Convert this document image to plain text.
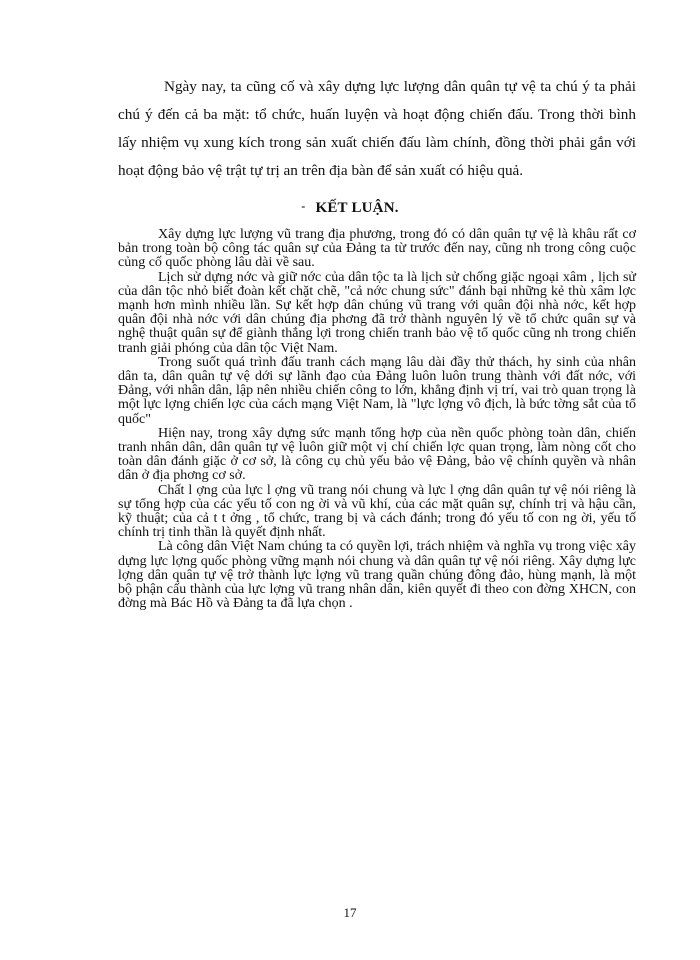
Ngày nay, ta cũng cố và xây dựng lực lượng dân quân tự vệ ta chú ý ta phải chú ý đến cả ba mặt: tổ chức, huấn luyện và hoạt động chiến đấu. Trong thời bình lấy nhiệm vụ xung kích trong sản xuất chiến đấu làm chính, đồng thời phải gắn với hoạt động bảo vệ trật tự trị an trên địa bàn để sản xuất có hiệu quả.

- KẾT LUẬN.

Xây dựng lực lượng vũ trang địa phương, trong đó có dân quân tự vệ là khâu rất cơ bản trong toàn bộ công tác quân sự của Đảng ta từ trước đến nay, cũng nh trong công cuộc củng cố quốc phòng lâu dài về sau.

Lịch sử dựng nớc và giữ nớc của dân tộc ta là lịch sử chống giặc ngoại xâm , lịch sử của dân tộc nhỏ biết đoàn kết chặt chẽ, "cả nớc chung sức" đánh bại những kẻ thù xâm lợc mạnh hơn mình nhiều lần. Sự kết hợp dân chúng vũ trang với quân đội nhà nớc, kết hợp quân đội nhà nớc với dân chúng địa phơng đã trở thành nguyên lý về tổ chức quân sự và nghệ thuật quân sự để giành thắng lợi trong chiến tranh bảo vệ tổ quốc cũng nh trong chiến tranh giải phóng của dân tộc Việt Nam.

Trong suốt quá trình đấu tranh cách mạng lâu dài đầy thử thách, hy sinh của nhân dân ta, dân quân tự vệ dới sự lãnh đạo của Đảng luôn luôn trung thành với đất nớc, với Đảng, với nhân dân, lập nên nhiều chiến công to lớn, khẳng định vị trí, vai trò quan trọng là một lực lợng chiến lợc của cách mạng Việt Nam, là "lực lợng vô địch, là bức tờng sắt của tổ quốc"

Hiện nay, trong xây dựng sức mạnh tổng hợp của nền quốc phòng toàn dân, chiến tranh nhân dân, dân quân tự vệ luôn giữ một vị chí chiến lợc quan trọng, làm nòng cốt cho toàn dân đánh giặc ở cơ sở, là công cụ chủ yếu bảo vệ Đảng, bảo vệ chính quyền và nhân dân ở địa phơng cơ sở.

Chất l ợng của lực l ợng vũ trang nói chung và lực l ợng dân quân tự vệ nói riêng là sự tổng hợp của các yếu tố con ng ời và vũ khí, của các mặt quân sự, chính trị và hậu cần, kỹ thuật; của cả t t ởng , tổ chức, trang bị và cách đánh; trong đó yếu tố con ng ời, yếu tố chính trị tinh thần là quyết định nhất.

Là công dân Việt Nam chúng ta có quyền lợi, trách nhiệm và nghĩa vụ trong việc xây dựng lực lợng quốc phòng vững mạnh nói chung và dân quân tự vệ nói riêng. Xây dựng lực lợng dân quân tự vệ trở thành lực lợng vũ trang quần chúng đông đảo, hùng mạnh, là một bộ phận cấu thành của lực lợng vũ trang nhân dân, kiên quyết đi theo con đờng XHCN, con đờng mà Bác Hồ và Đảng ta đã lựa chọn .

17
